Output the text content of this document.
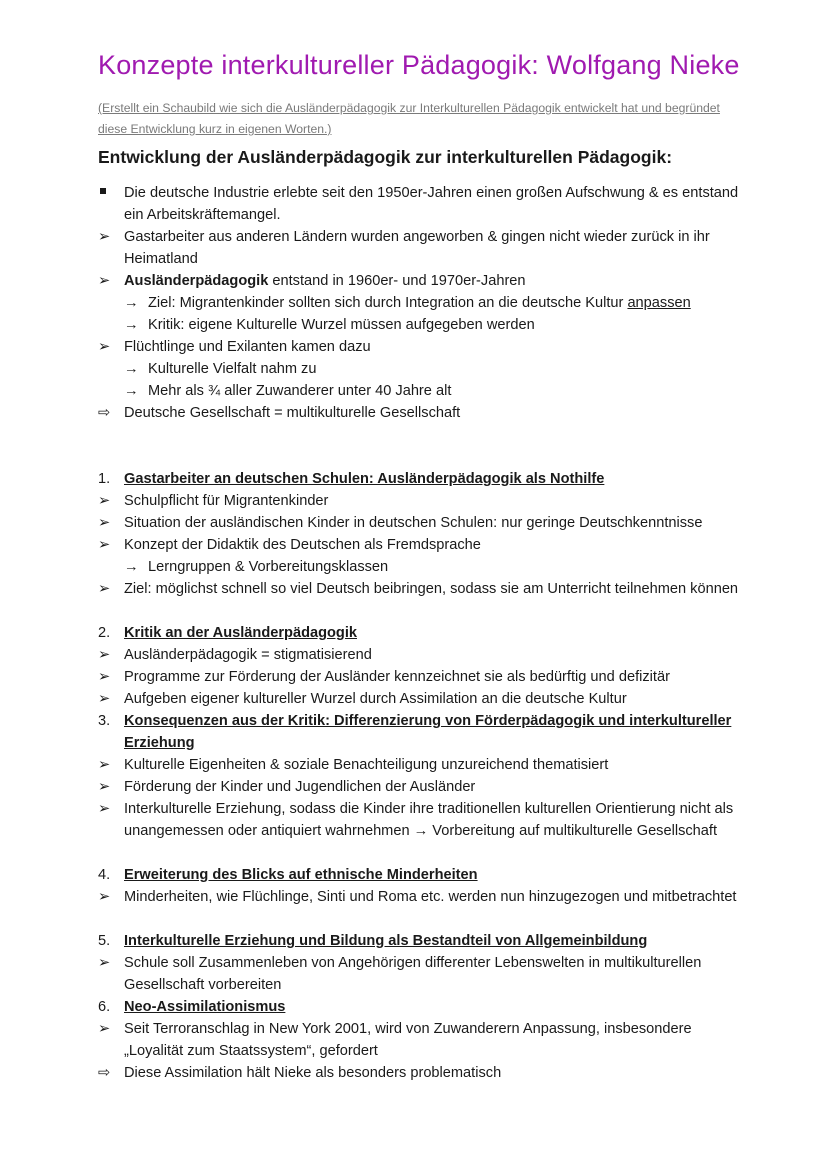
Konzepte interkultureller Pädagogik: Wolfgang Nieke

(Erstellt ein Schaubild wie sich die Ausländerpädagogik zur Interkulturellen Pädagogik entwickelt hat und begründet diese Entwicklung kurz in eigenen Worten.)

Entwicklung der Ausländerpädagogik zur interkulturellen Pädagogik:
Die deutsche Industrie erlebte seit den 1950er-Jahren einen großen Aufschwung & es entstand ein Arbeitskräftemangel.
➢ Gastarbeiter aus anderen Ländern wurden angeworben & gingen nicht wieder zurück in ihr Heimatland
➢ Ausländerpädagogik entstand in 1960er- und 1970er-Jahren
→ Ziel: Migrantenkinder sollten sich durch Integration an die deutsche Kultur anpassen
→ Kritik: eigene Kulturelle Wurzel müssen aufgegeben werden
➢ Flüchtlinge und Exilanten kamen dazu
→ Kulturelle Vielfalt nahm zu
→ Mehr als ¾ aller Zuwanderer unter 40 Jahre alt
⇨ Deutsche Gesellschaft = multikulturelle Gesellschaft
1. Gastarbeiter an deutschen Schulen: Ausländerpädagogik als Nothilfe
➢ Schulpflicht für Migrantenkinder
➢ Situation der ausländischen Kinder in deutschen Schulen: nur geringe Deutschkenntnisse
➢ Konzept der Didaktik des Deutschen als Fremdsprache
→ Lerngruppen & Vorbereitungsklassen
➢ Ziel: möglichst schnell so viel Deutsch beibringen, sodass sie am Unterricht teilnehmen können
2. Kritik an der Ausländerpädagogik
➢ Ausländerpädagogik = stigmatisierend
➢ Programme zur Förderung der Ausländer kennzeichnet sie als bedürftig und defizitär
➢ Aufgeben eigener kultureller Wurzel durch Assimilation an die deutsche Kultur
3. Konsequenzen aus der Kritik: Differenzierung von Förderpädagogik und interkultureller Erziehung
➢ Kulturelle Eigenheiten & soziale Benachteiligung unzureichend thematisiert
➢ Förderung der Kinder und Jugendlichen der Ausländer
➢ Interkulturelle Erziehung, sodass die Kinder ihre traditionellen kulturellen Orientierung nicht als unangemessen oder antiquiert wahrnehmen → Vorbereitung auf multikulturelle Gesellschaft
4. Erweiterung des Blicks auf ethnische Minderheiten
➢ Minderheiten, wie Flüchlinge, Sinti und Roma etc. werden nun hinzugezogen und mitbetrachtet
5. Interkulturelle Erziehung und Bildung als Bestandteil von Allgemeinbildung
➢ Schule soll Zusammenleben von Angehörigen differenter Lebenswelten in multikulturellen Gesellschaft vorbereiten
6. Neo-Assimilationismus
➢ Seit Terroranschlag in New York 2001, wird von Zuwanderern Anpassung, insbesondere „Loyalität zum Staatssystem“, gefordert
⇨ Diese Assimilation hält Nieke als besonders problematisch
